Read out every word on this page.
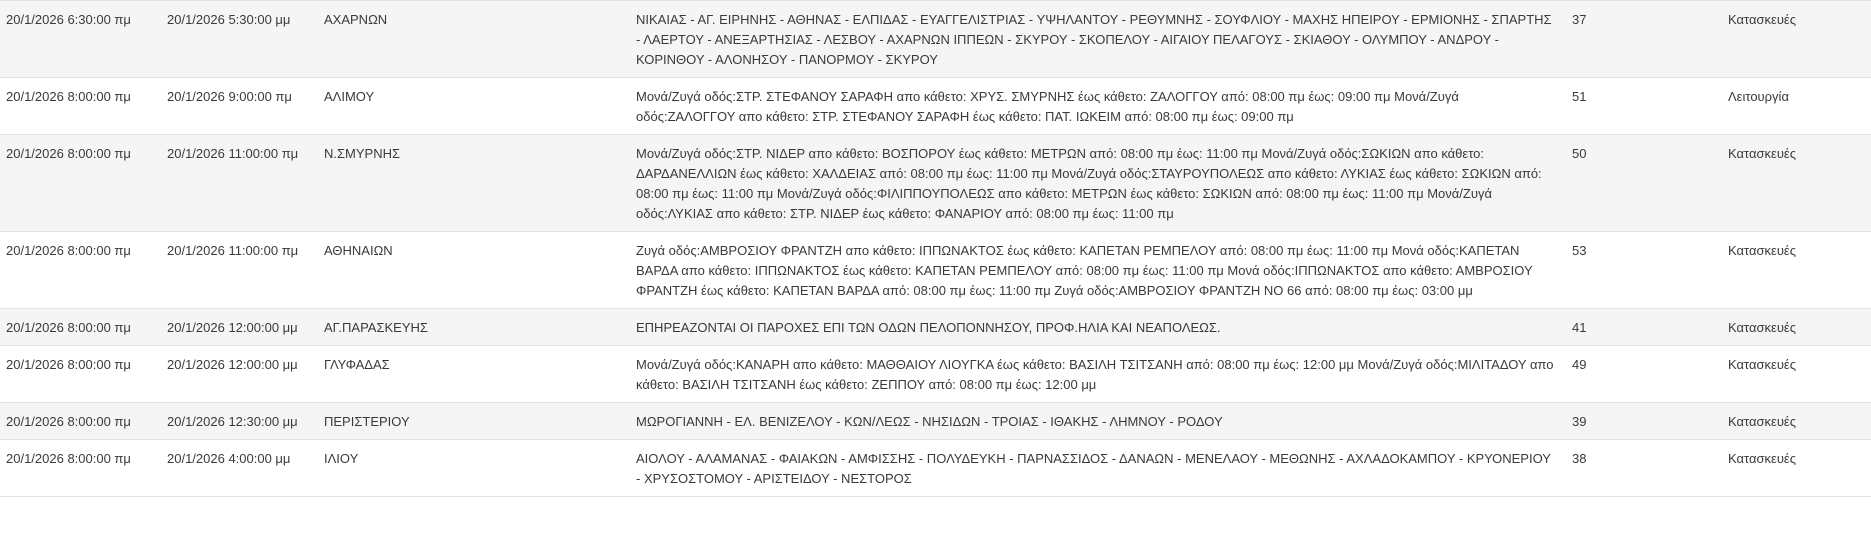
20/1/2026 6:30:00 πμ	20/1/2026 5:30:00 μμ	ΑΧΑΡΝΩΝ	ΝΙΚΑΙΑΣ - ΑΓ. ΕΙΡΗΝΗΣ - ΑΘΗΝΑΣ - ΕΛΠΙΔΑΣ - ΕΥΑΓΓΕΛΙΣΤΡΙΑΣ - ΥΨΗΛΑΝΤΟΥ - ΡΕΘΥΜΝΗΣ - ΣΟΥΦΛΙΟΥ - ΜΑΧΗΣ ΗΠΕΙΡΟΥ - ΕΡΜΙΟΝΗΣ - ΣΠΑΡΤΗΣ - ΛΑΕΡΤΟΥ - ΑΝΕΞΑΡΤΗΣΙΑΣ - ΛΕΣΒΟΥ - ΑΧΑΡΝΩΝ ΙΠΠΕΩΝ - ΣΚΥΡΟΥ - ΣΚΟΠΕΛΟΥ - ΑΙΓΑΙΟΥ ΠΕΛΑΓΟΥΣ - ΣΚΙΑΘΟΥ - ΟΛΥΜΠΟΥ - ΑΝΔΡΟΥ - ΚΟΡΙΝΘΟΥ - ΑΛΟΝΗΣΟΥ - ΠΑΝΟΡΜΟΥ - ΣΚΥΡΟΥ	37	Κατασκευές
20/1/2026 8:00:00 πμ	20/1/2026 9:00:00 πμ	ΑΛΙΜΟΥ	Μονά/Ζυγά οδός:ΣΤΡ. ΣΤΕΦΑΝΟΥ ΣΑΡΑΦΗ απο κάθετο: ΧΡΥΣ. ΣΜΥΡΝΗΣ έως κάθετο: ΖΑΛΟΓΓΟΥ από: 08:00 πμ έως: 09:00 πμ Μονά/Ζυγά οδός:ΖΑΛΟΓΓΟΥ απο κάθετο: ΣΤΡ. ΣΤΕΦΑΝΟΥ ΣΑΡΑΦΗ έως κάθετο: ΠΑΤ. ΙΩΚΕΙΜ από: 08:00 πμ έως: 09:00 πμ	51	Λειτουργία
20/1/2026 8:00:00 πμ	20/1/2026 11:00:00 πμ	Ν.ΣΜΥΡΝΗΣ	Μονά/Ζυγά οδός:ΣΤΡ. ΝΙΔΕΡ απο κάθετο: ΒΟΣΠΟΡΟΥ έως κάθετο: ΜΕΤΡΩΝ από: 08:00 πμ έως: 11:00 πμ Μονά/Ζυγά οδός:ΣΩΚΙΩΝ απο κάθετο: ΔΑΡΔΑΝΕΛΛΙΩΝ έως κάθετο: ΧΑΛΔΕΙΑΣ από: 08:00 πμ έως: 11:00 πμ Μονά/Ζυγά οδός:ΣΤΑΥΡΟΥΠΟΛΕΩΣ απο κάθετο: ΛΥΚΙΑΣ έως κάθετο: ΣΩΚΙΩΝ από: 08:00 πμ έως: 11:00 πμ Μονά/Ζυγά οδός:ΦΙΛΙΠΠΟΥΠΟΛΕΩΣ απο κάθετο: ΜΕΤΡΩΝ έως κάθετο: ΣΩΚΙΩΝ από: 08:00 πμ έως: 11:00 πμ Μονά/Ζυγά οδός:ΛΥΚΙΑΣ απο κάθετο: ΣΤΡ. ΝΙΔΕΡ έως κάθετο: ΦΑΝΑΡΙΟΥ από: 08:00 πμ έως: 11:00 πμ	50	Κατασκευές
20/1/2026 8:00:00 πμ	20/1/2026 11:00:00 πμ	ΑΘΗΝΑΙΩΝ	Ζυγά οδός:ΑΜΒΡΟΣΙΟΥ ΦΡΑΝΤΖΗ απο κάθετο: ΙΠΠΩΝΑΚΤΟΣ έως κάθετο: ΚΑΠΕΤΑΝ ΡΕΜΠΕΛΟΥ από: 08:00 πμ έως: 11:00 πμ Μονά οδός:ΚΑΠΕΤΑΝ ΒΑΡΔΑ απο κάθετο: ΙΠΠΩΝΑΚΤΟΣ έως κάθετο: ΚΑΠΕΤΑΝ ΡΕΜΠΕΛΟΥ από: 08:00 πμ έως: 11:00 πμ Μονά οδός:ΙΠΠΩΝΑΚΤΟΣ απο κάθετο: ΑΜΒΡΟΣΙΟΥ ΦΡΑΝΤΖΗ έως κάθετο: ΚΑΠΕΤΑΝ ΒΑΡΔΑ από: 08:00 πμ έως: 11:00 πμ Ζυγά οδός:ΑΜΒΡΟΣΙΟΥ ΦΡΑΝΤΖΗ ΝΟ 66 από: 08:00 πμ έως: 03:00 μμ	53	Κατασκευές
20/1/2026 8:00:00 πμ	20/1/2026 12:00:00 μμ	ΑΓ.ΠΑΡΑΣΚΕΥΗΣ	ΕΠΗΡΕΑΖΟΝΤΑΙ ΟΙ ΠΑΡΟΧΕΣ ΕΠΙ ΤΩΝ ΟΔΩΝ ΠΕΛΟΠΟΝΝΗΣΟΥ, ΠΡΟΦ.ΗΛΙΑ ΚΑΙ ΝΕΑΠΟΛΕΩΣ.	41	Κατασκευές
20/1/2026 8:00:00 πμ	20/1/2026 12:00:00 μμ	ΓΛΥΦΑΔΑΣ	Μονά/Ζυγά οδός:ΚΑΝΑΡΗ απο κάθετο: ΜΑΘΘΑΙΟΥ ΛΙΟΥΓΚΑ έως κάθετο: ΒΑΣΙΛΗ ΤΣΙΤΣΑΝΗ από: 08:00 πμ έως: 12:00 μμ Μονά/Ζυγά οδός:ΜΙΛΙΤΑΔΟΥ απο κάθετο: ΒΑΣΙΛΗ ΤΣΙΤΣΑΝΗ έως κάθετο: ΖΕΠΠΟΥ από: 08:00 πμ έως: 12:00 μμ	49	Κατασκευές
20/1/2026 8:00:00 πμ	20/1/2026 12:30:00 μμ	ΠΕΡΙΣΤΕΡΙΟΥ	ΜΩΡΟΓΙΑΝΝΗ - ΕΛ. ΒΕΝΙΖΕΛΟΥ - ΚΩΝ/ΛΕΩΣ - ΝΗΣΙΔΩΝ - ΤΡΟΙΑΣ - ΙΘΑΚΗΣ - ΛΗΜΝΟΥ - ΡΟΔΟΥ	39	Κατασκευές
20/1/2026 8:00:00 πμ	20/1/2026 4:00:00 μμ	ΙΛΙΟΥ	ΑΙΟΛΟΥ - ΑΛΑΜΑΝΑΣ - ΦΑΙΑΚΩΝ - ΑΜΦΙΣΣΗΣ - ΠΟΛΥΔΕΥΚΗ - ΠΑΡΝΑΣΣΙΔΟΣ - ΔΑΝΑΩΝ - ΜΕΝΕΛΑΟΥ - ΜΕΘΩΝΗΣ - ΑΧΛΑΔΟΚΑΜΠΟΥ - ΚΡΥΟΝΕΡΙΟΥ - ΧΡΥΣΟΣΤΟΜΟΥ - ΑΡΙΣΤΕΙΔΟΥ - ΝΕΣΤΟΡΟΣ	38	Κατασκευές
